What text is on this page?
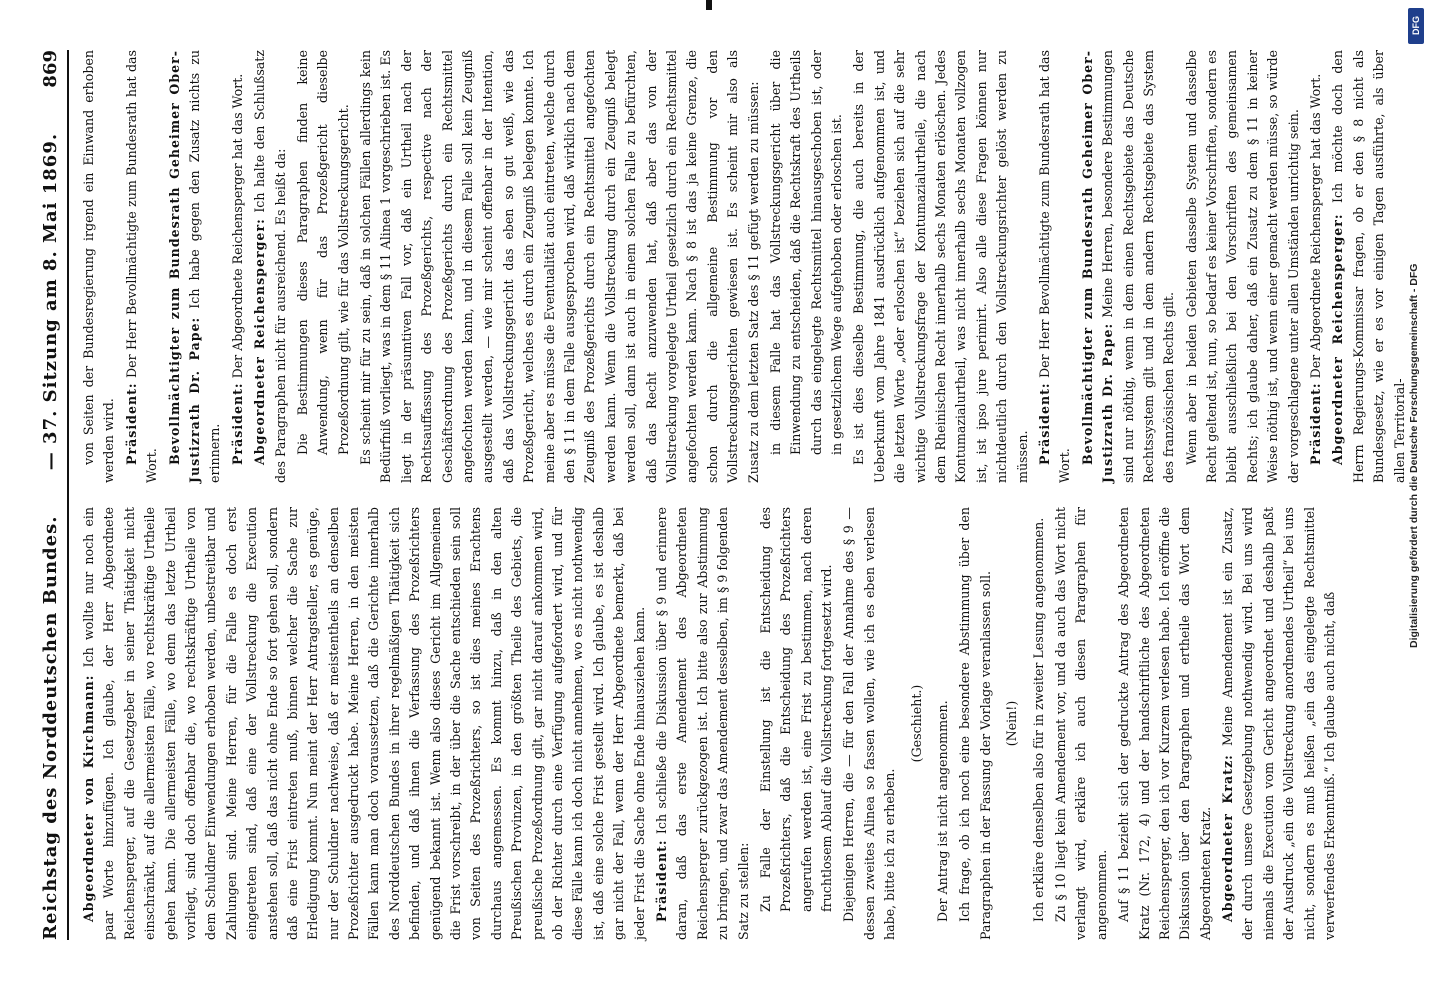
Reichstag des Norddeutschen Bundes.
— 37. Sitzung am 8. Mai 1869.
869

Abgeordneter von Kirchmann: Ich wollte nur noch ein paar Worte hinzufügen. Ich glaube, der Herr Abgeordnete Reichensperger, auf die Gesetzgeber in seiner Thätigkeit nicht einschränkt, auf die allermeisten Fälle, wo rechtskräftige Urtheile gehen kann. Die allermeisten Fälle, wo denn das letzte Urtheil vorliegt, sind doch offenbar die, wo rechtskräftige Urtheile von dem Schuldner Einwendungen erhoben werden, unbestreitbar und Zahlungen sind. Meine Herren, für die Falle es doch erst eingetreten sind, daß eine der Vollstreckung die Execution anstehen soll, daß das nicht ohne Ende so fort gehen soll, sondern daß eine Frist eintreten muß, binnen welcher die Sache zur Erledigung kommt. Nun meint der Herr Antragsteller, es genüge, nur der Schuldner nachweise, daß er meistentheils an denselben Prozeßrichter ausgedruckt habe. Meine Herren, in den meisten Fällen kann man doch voraussetzen, daß die Gerichte innerhalb des Norddeutschen Bundes in ihrer regelmäßigen Thätigkeit sich befinden, und daß ihnen die Verfassung des Prozeßrichters genügend bekannt ist. Wenn also dieses Gericht im Allgemeinen die Frist vorschreibt, in der über die Sache entschieden sein soll von Seiten des Prozeßrichters, so ist dies meines Erachtens durchaus angemessen. Es kommt hinzu, daß in den alten Preußischen Provinzen, in den größten Theile des Gebiets, die preußische Prozeßordnung gilt, gar nicht darauf ankommen wird, ob der Richter durch eine Verfügung aufgefordert wird, und für diese Fälle kann ich doch nicht annehmen, wo es nicht nothwendig ist, daß eine solche Frist gestellt wird. Ich glaube, es ist deshalb gar nicht der Fall, wenn der Herr Abgeordnete bemerkt, daß bei jeder Frist die Sache ohne Ende hinausziehen kann. Präsident: Ich schließe die Diskussion über § 9 und erinnere daran, daß das erste Amendement des Abgeordneten Reichensperger zurückgezogen ist. Ich bitte also zur Abstimmung zu bringen, und zwar das Amendement desselben, im § 9 folgenden Satz zu stellen: Zu Falle der Einstellung ist die Entscheidung des Prozeßrichters, daß die Entscheidung des Prozeßrichters angerufen werden ist, eine Frist zu bestimmen, nach deren fruchtlosem Ablauf die Vollstreckung fortgesetzt wird. Diejenigen Herren, die — für den Fall der Annahme des § 9 — dessen zweites Alinea so fassen wollen, wie ich es eben verlesen habe, bitte ich zu erheben.

(Geschieht.) Der Antrag ist nicht angenommen. Ich frage, ob ich noch eine besondere Abstimmung über den Paragraphen in der Fassung der Vorlage veranlassen soll. (Nein!) Ich erkläre denselben also für in zweiter Lesung angenommen. Zu § 10 liegt kein Amendement vor, und da auch das Wort nicht verlangt wird, erkläre ich auch diesen Paragraphen für angenommen. Auf § 11 bezieht sich der gedruckte Antrag des Abgeordneten Kratz (Nr. 172, 4) und der handschriftliche des Abgeordneten Reichensperger, den ich vor Kurzem verlesen habe. Ich eröffne die Diskussion über den Paragraphen und ertheile das Wort dem Abgeordneten Kratz. Abgeordneter Kratz: Meine Amendement ist ein Zusatz, der durch unsere Gesetzgebung nothwendig wird. Bei uns wird niemals die Execution vom Gericht angeordnet und deshalb paßt der Ausdruck „ein die Vollstreckung anordnendes Urtheil“ bei uns nicht, sondern es muß heißen „ein das eingelegte Rechtsmittel verwerfendes Erkenntniß.“ Ich glaube auch nicht, daß

von Seiten der Bundesregierung irgend ein Einwand erhoben werden wird. Präsident: Der Herr Bevollmächtigte zum Bundesrath hat das Wort.

Bevollmächtigter zum Bundesrath Geheimer Ober-Justizrath Dr. Pape: Ich habe gegen den Zusatz nichts zu erinnern. Präsident: Der Abgeordnete Reichensperger hat das Wort. Abgeordneter Reichensperger: Ich halte den Schlußsatz des Paragraphen nicht für ausreichend. Es heißt da: Die Bestimmungen dieses Paragraphen finden keine Anwendung, wenn für das Prozeßgericht dieselbe Prozeßordnung gilt, wie für das Vollstreckungsgericht. Es scheint mir für zu sein, daß in solchen Fällen allerdings kein Bedürfniß vorliegt, was in dem § 11 Alinea 1 vorgeschrieben ist. Es liegt in der präsumtiven Fall vor, daß ein Urtheil nach der Rechtsauffassung des Prozeßgerichts, respective nach der Geschäftsordnung des Prozeßgerichts durch ein Rechtsmittel angefochten werden kann, und in diesem Falle soll kein Zeugniß ausgestellt werden, — wie mir scheint offenbar in der Intention, daß das Vollstreckungsgericht das eben so gut weiß, wie das Prozeßgericht, welches es durch ein Zeugniß belegen konnte. Ich meine aber es müsse die Eventualität auch eintreten, welche durch den § 11 in dem Falle ausgesprochen wird, daß wirklich nach dem Zeugniß des Prozeßgerichts durch ein Rechtsmittel angefochten werden kann. Wenn die Vollstreckung durch ein Zeugniß belegt werden soll, dann ist auch in einem solchen Falle zu befürchten, daß das Recht anzuwenden hat, daß aber das von der Vollstreckung vorgelegte Urtheil gesetzlich durch ein Rechtsmittel angefochten werden kann. Nach § 8 ist das ja keine Grenze, die schon durch die allgemeine Bestimmung vor den Vollstreckungsgerichten gewiesen ist. Es scheint mir also als Zusatz zu dem letzten Satz des § 11 gefügt werden zu müssen: in diesem Falle hat das Vollstreckungsgericht über die Einwendung zu entscheiden, daß die Rechtskraft des Urtheils durch das eingelegte Rechtsmittel hinausgeschoben ist, oder in gesetzlichem Wege aufgehoben oder erloschen ist. Es ist dies dieselbe Bestimmung, die auch bereits in der Ueberkunft vom Jahre 1841 ausdrücklich aufgenommen ist, und die letzten Worte „oder erloschen ist“ beziehen sich auf die sehr wichtige Vollstreckungsfrage der Kontumazialurtheile, die nach dem Rheinischen Recht innerhalb sechs Monaten erlöschen. Jedes Kontumazialurtheil, was nicht innerhalb sechs Monaten vollzogen ist, ist ipso jure perimirt. Also alle diese Fragen können nur nichtdeutlich durch den Vollstreckungsrichter gelöst werden zu müssen. Präsident: Der Herr Bevollmächtigte zum Bundesrath hat das Wort.

Bevollmächtigter zum Bundesrath Geheimer Ober-Justizrath Dr. Pape: Meine Herren, besondere Bestimmungen sind nur nöthig, wenn in dem einen Rechtsgebiete das Deutsche Rechtssystem gilt und in dem andern Rechtsgebiete das System des französischen Rechts gilt. Wenn aber in beiden Gebieten dasselbe System und dasselbe Recht geltend ist, nun, so bedarf es keiner Vorschriften, sondern es bleibt ausschließlich bei den Vorschriften des gemeinsamen Rechts; ich glaube daher, daß ein Zusatz zu dem § 11 in keiner Weise nöthig ist, und wenn einer gemacht werden müsse, so würde der vorgeschlagene unter allen Umständen unrichtig sein. Präsident: Der Abgeordnete Reichensperger hat das Wort. Abgeordneter Reichensperger: Ich möchte doch den Herrn Regierungs-Kommissar fragen, ob er den § 8 nicht als Bundesgesetz, wie er es vor einigen Tagen ausführte, als über allen Territorial-

DFG
Digitalisierung gefördert durch die Deutsche Forschungsgemeinschaft - DFG
